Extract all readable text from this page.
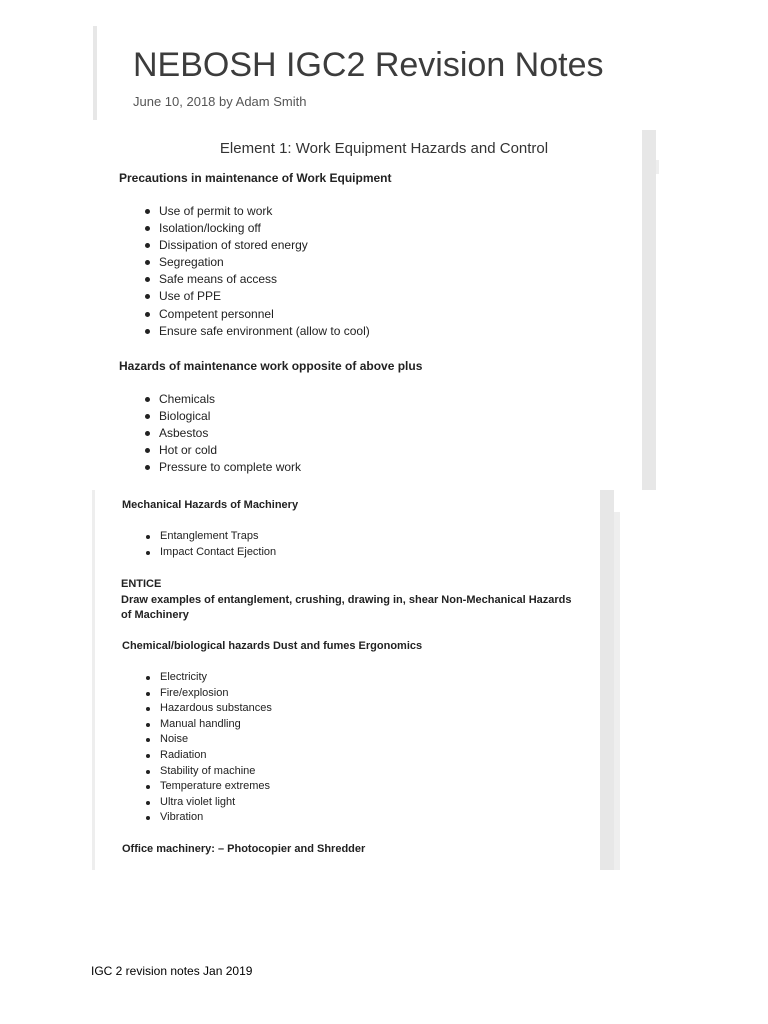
NEBOSH IGC2 Revision Notes
June 10, 2018 by Adam Smith
Element 1: Work Equipment Hazards and Control
Precautions in maintenance of Work Equipment
Use of permit to work
Isolation/locking off
Dissipation of stored energy
Segregation
Safe means of access
Use of PPE
Competent personnel
Ensure safe environment (allow to cool)
Hazards of maintenance work opposite of above plus
Chemicals
Biological
Asbestos
Hot or cold
Pressure to complete work
Mechanical Hazards of Machinery
Entanglement Traps
Impact Contact Ejection
ENTICE
Draw examples of entanglement, crushing, drawing in, shear Non-Mechanical Hazards of Machinery
Chemical/biological hazards Dust and fumes Ergonomics
Electricity
Fire/explosion
Hazardous substances
Manual handling
Noise
Radiation
Stability of machine
Temperature extremes
Ultra violet light
Vibration
Office machinery: – Photocopier and Shredder
IGC 2 revision notes Jan 2019
